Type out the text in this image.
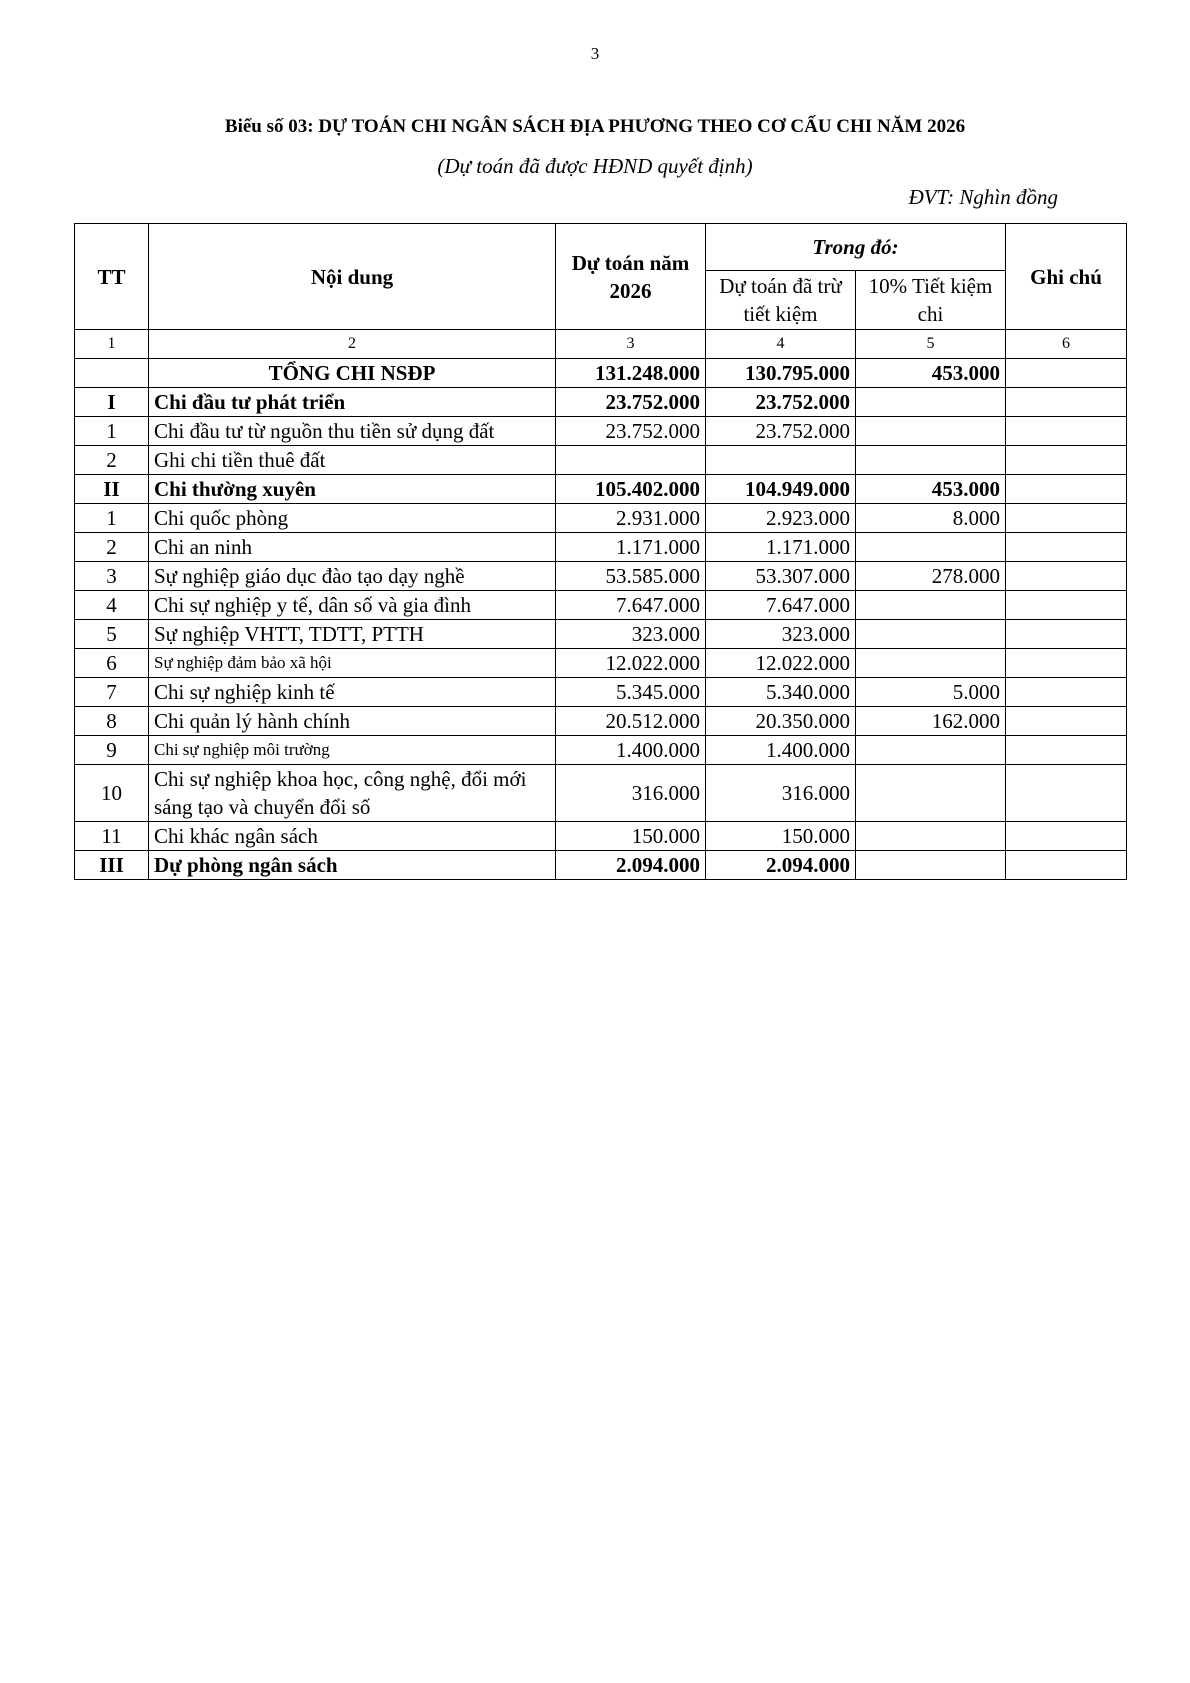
3
Biểu số 03: DỰ TOÁN CHI NGÂN SÁCH ĐỊA PHƯƠNG THEO CƠ CẤU CHI NĂM 2026
(Dự toán đã được HĐND quyết định)
ĐVT: Nghìn đồng
TT	Nội dung	Dự toán năm 2026	Trong đó:		Ghi chú
			Dự toán đã trừ tiết kiệm	10% Tiết kiệm chi	
1	2	3	4	5	6
	TỔNG CHI NSĐP	131.248.000	130.795.000	453.000	
I	Chi đầu tư phát triển	23.752.000	23.752.000		
1	Chi đầu tư từ nguồn thu tiền sử dụng đất	23.752.000	23.752.000		
2	Ghi chi tiền thuê đất				
II	Chi thường xuyên	105.402.000	104.949.000	453.000	
1	Chi quốc phòng	2.931.000	2.923.000	8.000	
2	Chi an ninh	1.171.000	1.171.000		
3	Sự nghiệp giáo dục đào tạo dạy nghề	53.585.000	53.307.000	278.000	
4	Chi sự nghiệp y tế, dân số và gia đình	7.647.000	7.647.000		
5	Sự nghiệp VHTT, TDTT, PTTH	323.000	323.000		
6	Sự nghiệp đảm bảo xã hội	12.022.000	12.022.000		
7	Chi sự nghiệp kinh tế	5.345.000	5.340.000	5.000	
8	Chi quản lý hành chính	20.512.000	20.350.000	162.000	
9	Chi sự nghiệp môi trường	1.400.000	1.400.000		
10	Chi sự nghiệp khoa học, công nghệ, đổi mới sáng tạo và chuyển đổi số	316.000	316.000		
11	Chi khác ngân sách	150.000	150.000		
III	Dự phòng ngân sách	2.094.000	2.094.000		
